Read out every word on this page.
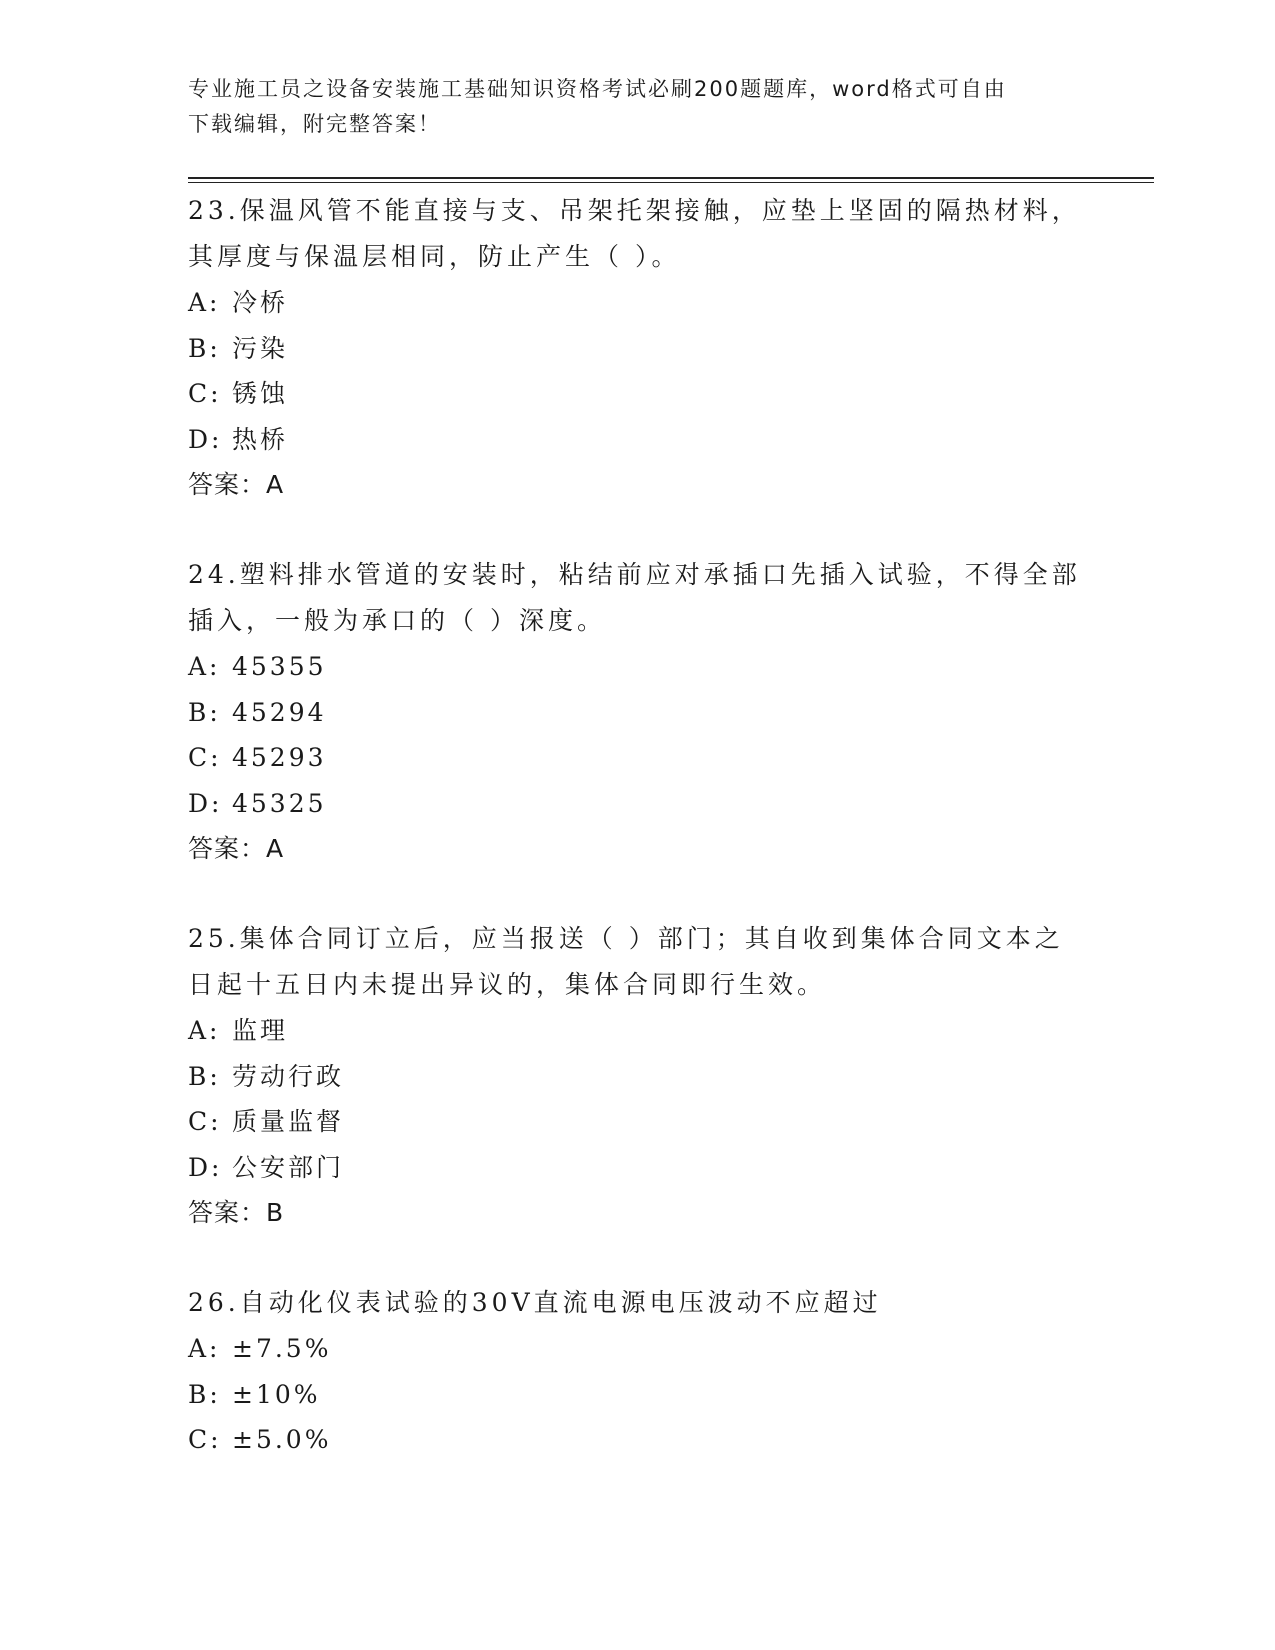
专业施工员之设备安装施工基础知识资格考试必刷200题题库，word格式可自由
下载编辑，附完整答案！

23.保温风管不能直接与支、吊架托架接触，应垫上坚固的隔热材料，

其厚度与保温层相同，防止产生（ ）。

A: 冷桥

B: 污染

C: 锈蚀

D: 热桥

答案：A

24.塑料排水管道的安装时，粘结前应对承插口先插入试验，不得全部

插入，一般为承口的（ ）深度。

A: 45355

B: 45294

C: 45293

D: 45325

答案：A

25.集体合同订立后，应当报送（ ）部门；其自收到集体合同文本之

日起十五日内未提出异议的，集体合同即行生效。

A: 监理

B: 劳动行政

C: 质量监督

D: 公安部门

答案：B

26.自动化仪表试验的30V直流电源电压波动不应超过

A: ±7.5%

B: ±10%

C: ±5.0%
